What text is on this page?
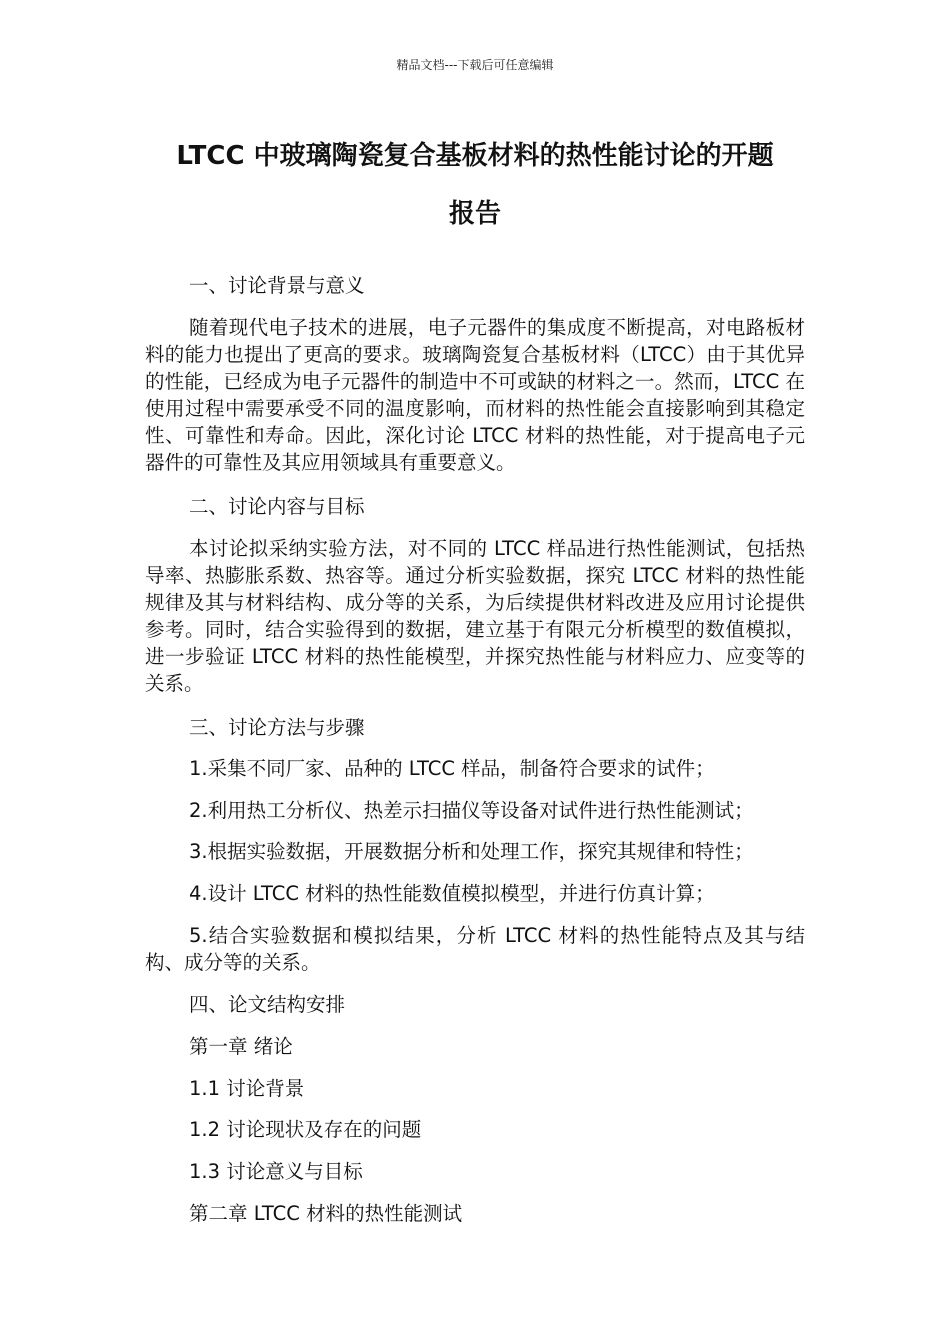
精品文档---下载后可任意编辑
LTCC 中玻璃陶瓷复合基板材料的热性能讨论的开题
报告
一、讨论背景与意义
随着现代电子技术的进展，电子元器件的集成度不断提高，对电路板材料的能力也提出了更高的要求。玻璃陶瓷复合基板材料（LTCC）由于其优异的性能，已经成为电子元器件的制造中不可或缺的材料之一。然而，LTCC 在使用过程中需要承受不同的温度影响，而材料的热性能会直接影响到其稳定性、可靠性和寿命。因此，深化讨论 LTCC 材料的热性能，对于提高电子元器件的可靠性及其应用领域具有重要意义。
二、讨论内容与目标
本讨论拟采纳实验方法，对不同的 LTCC 样品进行热性能测试，包括热导率、热膨胀系数、热容等。通过分析实验数据，探究 LTCC 材料的热性能规律及其与材料结构、成分等的关系，为后续提供材料改进及应用讨论提供参考。同时，结合实验得到的数据，建立基于有限元分析模型的数值模拟，进一步验证 LTCC 材料的热性能模型，并探究热性能与材料应力、应变等的关系。
三、讨论方法与步骤
1.采集不同厂家、品种的 LTCC 样品，制备符合要求的试件；
2.利用热工分析仪、热差示扫描仪等设备对试件进行热性能测试；
3.根据实验数据，开展数据分析和处理工作，探究其规律和特性；
4.设计 LTCC 材料的热性能数值模拟模型，并进行仿真计算；
5.结合实验数据和模拟结果，分析 LTCC 材料的热性能特点及其与结构、成分等的关系。
四、论文结构安排
第一章 绪论
1.1 讨论背景
1.2 讨论现状及存在的问题
1.3 讨论意义与目标
第二章 LTCC 材料的热性能测试
